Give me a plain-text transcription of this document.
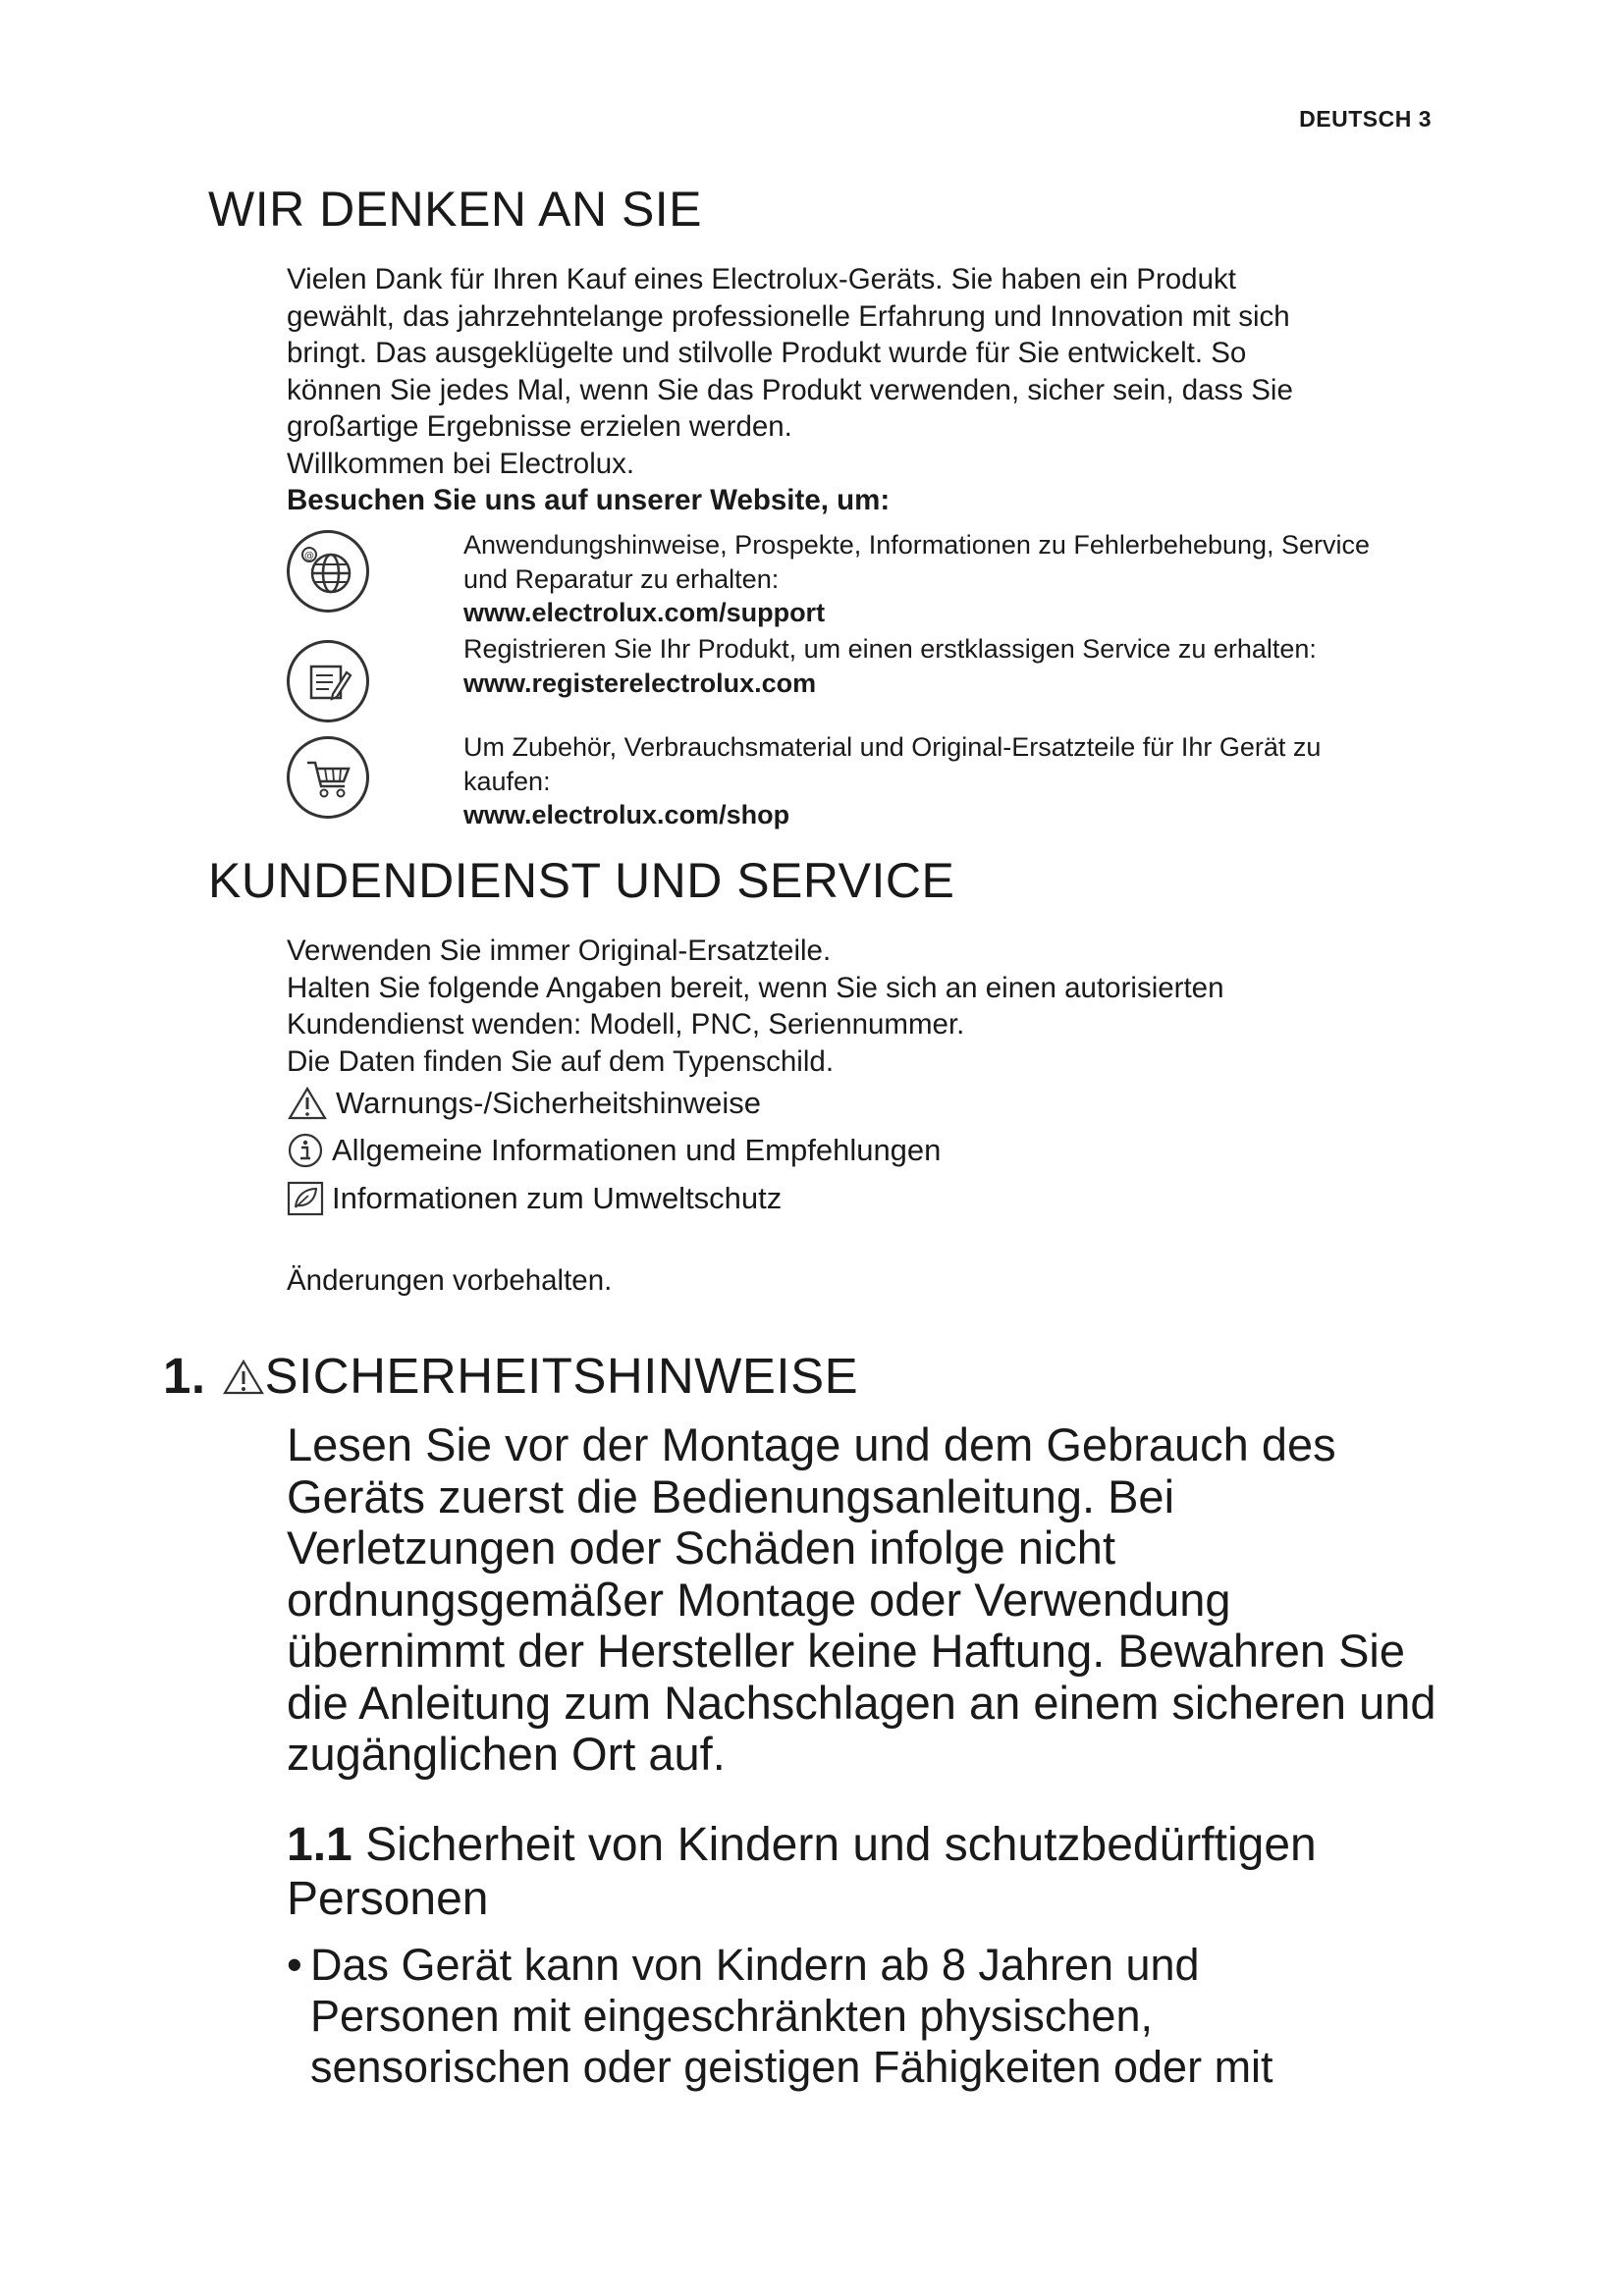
DEUTSCH 3
WIR DENKEN AN SIE

Vielen Dank für Ihren Kauf eines Electrolux-Geräts. Sie haben ein Produkt

gewählt, das jahrzehntelange professionelle Erfahrung und Innovation mit sich

bringt. Das ausgeklügelte und stilvolle Produkt wurde für Sie entwickelt. So

können Sie jedes Mal, wenn Sie das Produkt verwenden, sicher sein, dass Sie

großartige Ergebnisse erzielen werden.

Willkommen bei Electrolux.

Besuchen Sie uns auf unserer Website, um:

@	Anwendungshinweise, Prospekte, Informationen zu Fehlerbehebung, Service
und Reparatur zu erhalten:
www.electrolux.com/support
Registrieren Sie Ihr Produkt, um einen erstklassigen Service zu erhalten:
www.registerelectrolux.com
Um Zubehör, Verbrauchsmaterial und Original-Ersatzteile für Ihr Gerät zu
kaufen:
www.electrolux.com/shop
KUNDENDIENST UND SERVICE

Verwenden Sie immer Original-Ersatzteile.

Halten Sie folgende Angaben bereit, wenn Sie sich an einen autorisierten

Kundendienst wenden: Modell, PNC, Seriennummer.

Die Daten finden Sie auf dem Typenschild.

Warnungs-/Sicherheitshinweise
Allgemeine Informationen und Empfehlungen
Informationen zum Umweltschutz
Änderungen vorbehalten.
1. SICHERHEITSHINWEISE
Lesen Sie vor der Montage und dem Gebrauch des
Geräts zuerst die Bedienungsanleitung. Bei
Verletzungen oder Schäden infolge nicht
ordnungsgemäßer Montage oder Verwendung
übernimmt der Hersteller keine Haftung. Bewahren Sie
die Anleitung zum Nachschlagen an einem sicheren und
zugänglichen Ort auf.
1.1 Sicherheit von Kindern und schutzbedürftigen
Personen
• Das Gerät kann von Kindern ab 8 Jahren und
Personen mit eingeschränkten physischen,
sensorischen oder geistigen Fähigkeiten oder mit
